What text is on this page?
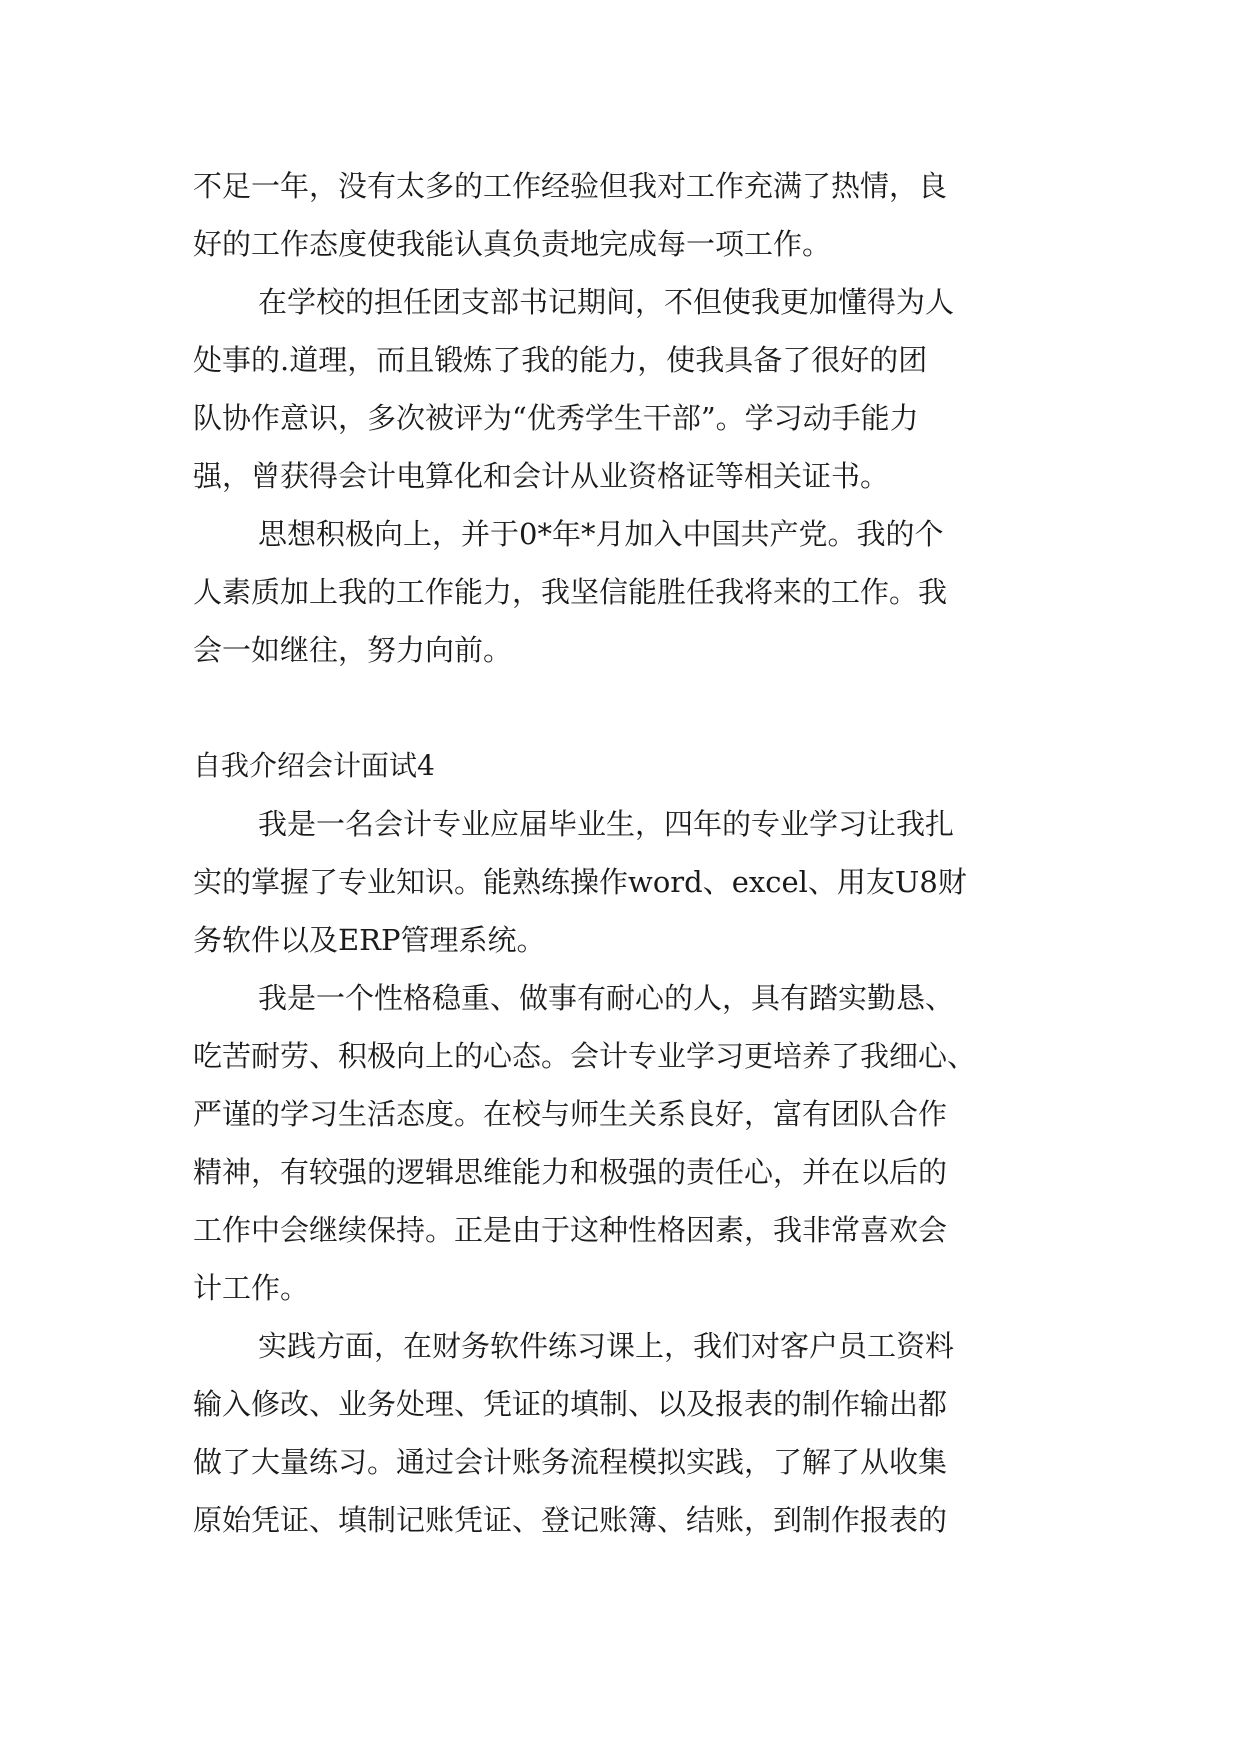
不足一年，没有太多的工作经验但我对工作充满了热情，良

好的工作态度使我能认真负责地完成每一项工作。

在学校的担任团支部书记期间，不但使我更加懂得为人

处事的.道理，而且锻炼了我的能力，使我具备了很好的团

队协作意识，多次被评为“优秀学生干部”。学习动手能力

强，曾获得会计电算化和会计从业资格证等相关证书。

思想积极向上，并于0*年*月加入中国共产党。我的个

人素质加上我的工作能力，我坚信能胜任我将来的工作。我

会一如继往，努力向前。

自我介绍会计面试4

我是一名会计专业应届毕业生，四年的专业学习让我扎

实的掌握了专业知识。能熟练操作word、excel、用友U8财

务软件以及ERP管理系统。

我是一个性格稳重、做事有耐心的人，具有踏实勤恳、

吃苦耐劳、积极向上的心态。会计专业学习更培养了我细心、

严谨的学习生活态度。在校与师生关系良好，富有团队合作

精神，有较强的逻辑思维能力和极强的责任心，并在以后的

工作中会继续保持。正是由于这种性格因素，我非常喜欢会

计工作。

实践方面，在财务软件练习课上，我们对客户员工资料

输入修改、业务处理、凭证的填制、以及报表的制作输出都

做了大量练习。通过会计账务流程模拟实践，了解了从收集

原始凭证、填制记账凭证、登记账簿、结账，到制作报表的
